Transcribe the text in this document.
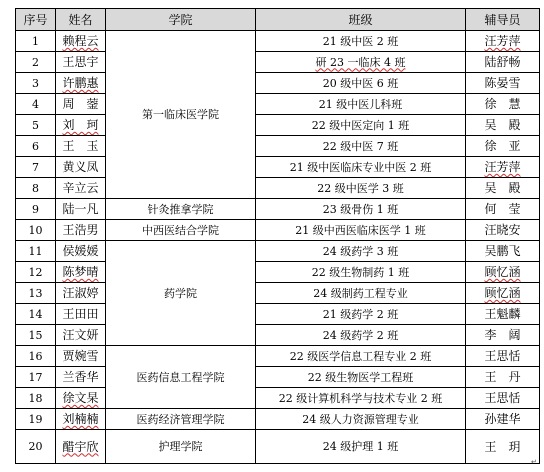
序号	姓名	学院	班级	辅导员
1	赖程云	第一临床医学院	21 级中医 2 班	汪芳萍
2	王思宇		研 23 一临床 4 班	陆舒畅
3	许鹏惠		20 级中医 6 班	陈晏雪
4	周　蓥		21 级中医儿科班	徐　慧
5	刘　珂		22 级中医定向 1 班	吴　殿
6	王　玉		22 级中医 7 班	徐　亚
7	黄义凤		21 级中医临床专业中医 2 班	汪芳萍
8	辛立云		22 级中医学 3 班	吴　殿
9	陆一凡	针灸推拿学院	23 级骨伤 1 班	何　莹
10	王浩男	中西医结合学院	21 级中西医临床医学 1 班	汪晓安
11	侯媛媛	药学院	24 级药学 3 班	吴鹏飞
12	陈梦晴		22 级生物制药 1 班	顾忆涵
13	汪淑婷		24 级制药工程专业	顾忆涵
14	王田田		21 级药学 2 班	王魁麟
15	汪文妍		24 级药学 2 班	李　阔
16	贾婉雪	医药信息工程学院	22 级医学信息工程专业 2 班	王思恬
17	兰香华		22 级生物医学工程班	王　丹
18	徐文杲		22 级计算机科学与技术专业 2 班	王思恬
19	刘楠楠	医药经济管理学院	24 级人力资源管理专业	孙建华
20	醋宇欣	护理学院	24 级护理 1 班	王　玥
↵
